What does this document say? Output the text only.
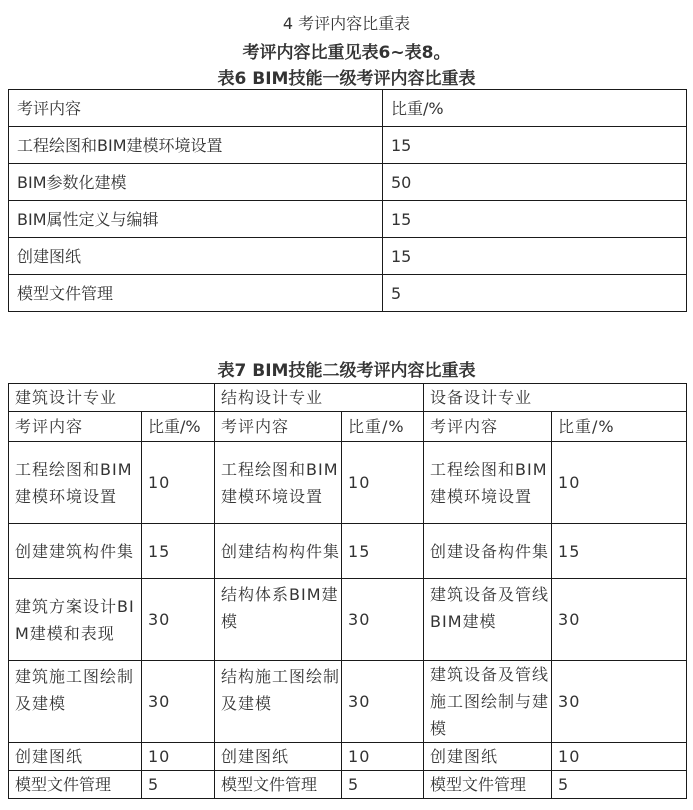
4 考评内容比重表
考评内容比重见表6~表8。
表6 BIM技能一级考评内容比重表
考评内容	比重/%
工程绘图和BIM建模环境设置	15
BIM参数化建模	50
BIM属性定义与编辑	15
创建图纸	15
模型文件管理	5
表7 BIM技能二级考评内容比重表
建筑设计专业		结构设计专业		设备设计专业	
考评内容	比重/%	考评内容	比重/%	考评内容	比重/%
工程绘图和BIM建模环境设置	10	工程绘图和BIM建模环境设置	10	工程绘图和BIM建模环境设置	10
创建建筑构件集	15	创建结构构件集	15	创建设备构件集	15
建筑方案设计BIM建模和表现	30	结构体系BIM建模	30	建筑设备及管线BIM建模	30
建筑施工图绘制及建模	30	结构施工图绘制及建模	30	建筑设备及管线施工图绘制与建模	30
创建图纸	10	创建图纸	10	创建图纸	10
模型文件管理	5	模型文件管理	5	模型文件管理	5
